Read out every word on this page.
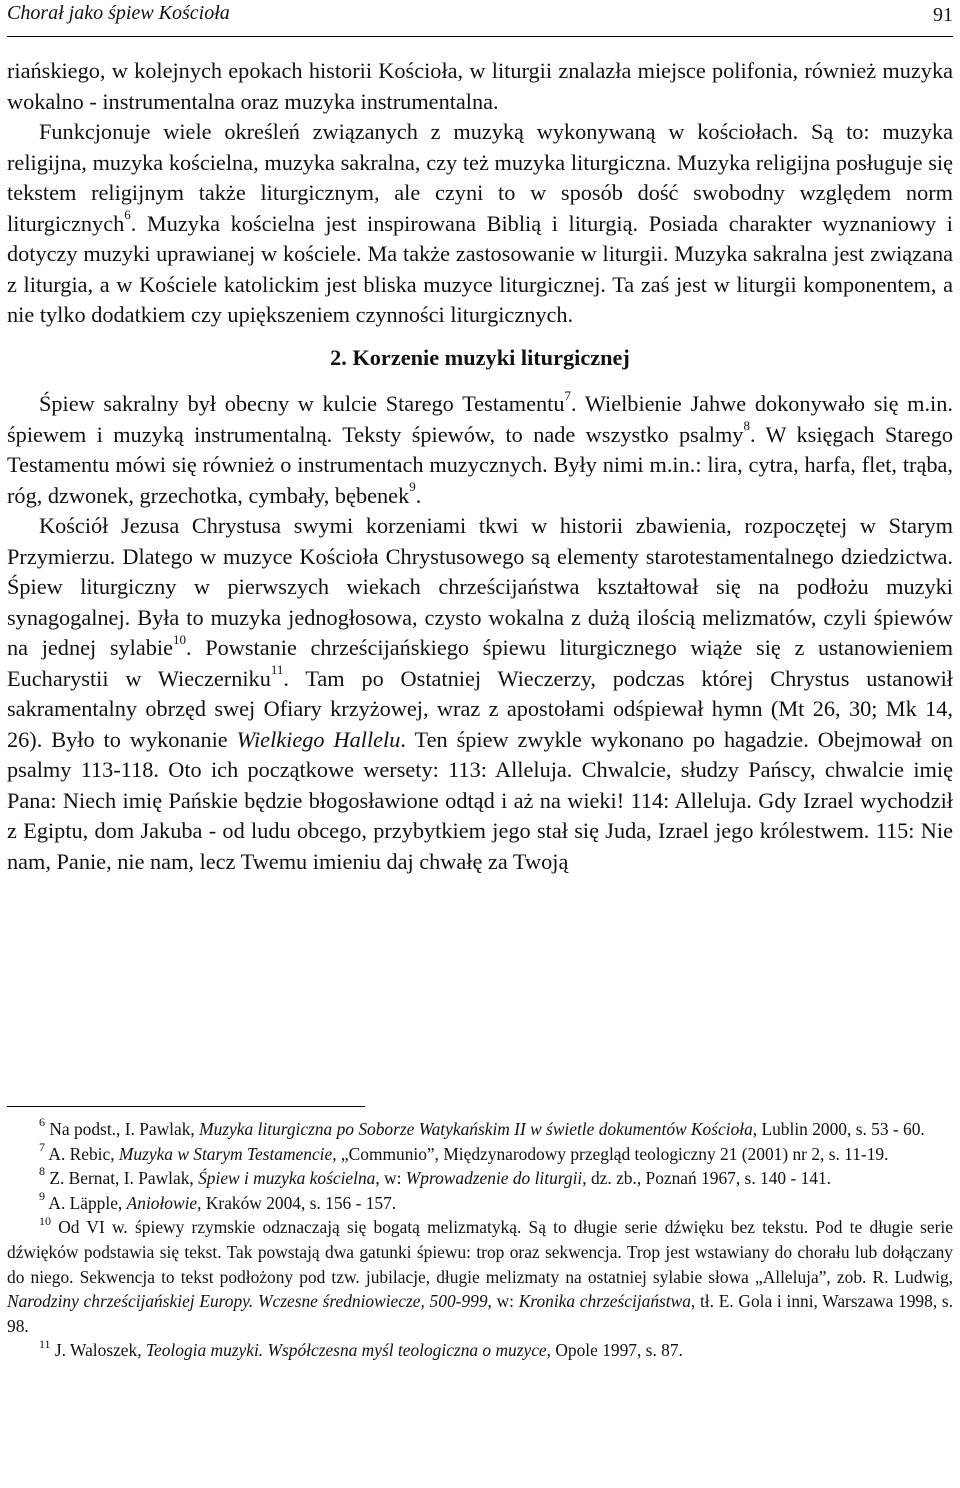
Chorał jako śpiew Kościoła	91

riańskiego, w kolejnych epokach historii Kościoła, w liturgii znalazła miejsce polifonia, również muzyka wokalno - instrumentalna oraz muzyka instrumentalna.

Funkcjonuje wiele określeń związanych z muzyką wykonywaną w kościołach. Są to: muzyka religijna, muzyka kościelna, muzyka sakralna, czy też muzyka liturgiczna. Muzyka religijna posługuje się tekstem religijnym także liturgicznym, ale czyni to w sposób dość swobodny względem norm liturgicznych$^6$. Muzyka kościelna jest inspirowana Biblią i liturgią. Posiada charakter wyznaniowy i dotyczy muzyki uprawianej w kościele. Ma także zastosowanie w liturgii. Muzyka sakralna jest związana z liturgia, a w Kościele katolickim jest bliska muzyce liturgicznej. Ta zaś jest w liturgii komponentem, a nie tylko dodatkiem czy upiększeniem czynności liturgicznych.

2. Korzenie muzyki liturgicznej

Śpiew sakralny był obecny w kulcie Starego Testamentu$^7$. Wielbienie Jahwe dokonywało się m.in. śpiewem i muzyką instrumentalną. Teksty śpiewów, to nade wszystko psalmy$^8$. W księgach Starego Testamentu mówi się również o instrumentach muzycznych. Były nimi m.in.: lira, cytra, harfa, flet, trąba, róg, dzwonek, grzechotka, cymbały, bębenek$^9$.

Kościół Jezusa Chrystusa swymi korzeniami tkwi w historii zbawienia, rozpoczętej w Starym Przymierzu. Dlatego w muzyce Kościoła Chrystusowego są elementy starotestamentalnego dziedzictwa. Śpiew liturgiczny w pierwszych wiekach chrześcijaństwa kształtował się na podłożu muzyki synagogalnej. Była to muzyka jednogłosowa, czysto wokalna z dużą ilością melizmatów, czyli śpiewów na jednej sylabie$^{10}$. Powstanie chrześcijańskiego śpiewu liturgicznego wiąże się z ustanowieniem Eucharystii w Wieczerniku$^{11}$. Tam po Ostatniej Wieczerzy, podczas której Chrystus ustanowił sakramentalny obrzęd swej Ofiary krzyżowej, wraz z apostołami odśpiewał hymn (Mt 26, 30; Mk 14, 26). Było to wykonanie Wielkiego Hallelu. Ten śpiew zwykle wykonano po hagadzie. Obejmował on psalmy 113-118. Oto ich początkowe wersety: 113: Alleluja. Chwalcie, słudzy Pańscy, chwalcie imię Pana: Niech imię Pańskie będzie błogosławione odtąd i aż na wieki! 114: Alleluja. Gdy Izrael wychodził z Egiptu, dom Jakuba - od ludu obcego, przybytkiem jego stał się Juda, Izrael jego królestwem. 115: Nie nam, Panie, nie nam, lecz Twemu imieniu daj chwałę za Twoją

$^6$ Na podst., I. Pawlak, Muzyka liturgiczna po Soborze Watykańskim II w świetle dokumentów Kościoła, Lublin 2000, s. 53 - 60.

$^7$ A. Rebic, Muzyka w Starym Testamencie, „Communio”, Międzynarodowy przegląd teologiczny 21 (2001) nr 2, s. 11-19.

$^8$ Z. Bernat, I. Pawlak, Śpiew i muzyka kościelna, w: Wprowadzenie do liturgii, dz. zb., Poznań 1967, s. 140 - 141.

$^9$ A. Läpple, Aniołowie, Kraków 2004, s. 156 - 157.

$^{10}$ Od VI w. śpiewy rzymskie odznaczają się bogatą melizmatyką. Są to długie serie dźwięku bez tekstu. Pod te długie serie dźwięków podstawia się tekst. Tak powstają dwa gatunki śpiewu: trop oraz sekwencja. Trop jest wstawiany do chorału lub dołączany do niego. Sekwencja to tekst podłożony pod tzw. jubilacje, długie melizmaty na ostatniej sylabie słowa „Alleluja”, zob. R. Ludwig, Narodziny chrześcijańskiej Europy. Wczesne średniowiecze, 500-999, w: Kronika chrześcijaństwa, tł. E. Gola i inni, Warszawa 1998, s. 98.

$^{11}$ J. Waloszek, Teologia muzyki. Współczesna myśl teologiczna o muzyce, Opole 1997, s. 87.
